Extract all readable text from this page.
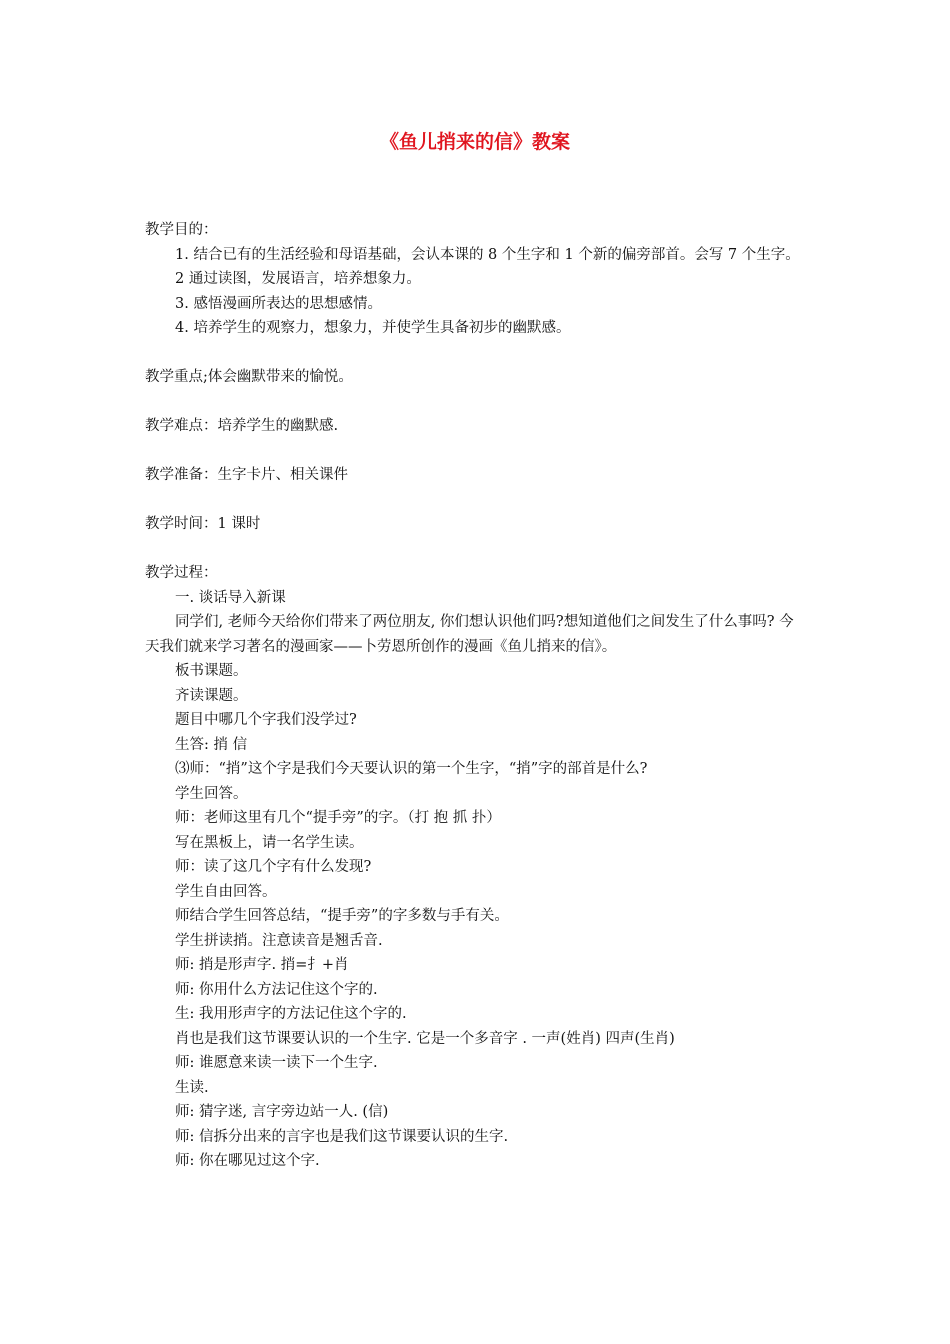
《鱼儿捎来的信》教案
教学目的：
1. 结合已有的生活经验和母语基础，会认本课的 8 个生字和 1 个新的偏旁部首。会写 7 个生字。
2 通过读图，发展语言，培养想象力。
3. 感悟漫画所表达的思想感情。
4. 培养学生的观察力，想象力，并使学生具备初步的幽默感。
教学重点;体会幽默带来的愉悦。
教学难点：培养学生的幽默感.
教学准备：生字卡片、相关课件
教学时间：1 课时
教学过程：
一. 谈话导入新课
同学们, 老师今天给你们带来了两位朋友, 你们想认识他们吗?想知道他们之间发生了什么事吗? 今天我们就来学习著名的漫画家——卜劳恩所创作的漫画《鱼儿捎来的信》。
板书课题。
齐读课题。
题目中哪几个字我们没学过?
生答: 捎 信
⑶师：“捎”这个字是我们今天要认识的第一个生字，“捎”字的部首是什么?
学生回答。
师：老师这里有几个“提手旁”的字。（打 抱 抓 扑）
写在黑板上，请一名学生读。
师：读了这几个字有什么发现?
学生自由回答。
师结合学生回答总结，“提手旁”的字多数与手有关。
学生拼读捎。注意读音是翘舌音.
师: 捎是形声字. 捎=扌+肖
师: 你用什么方法记住这个字的.
生: 我用形声字的方法记住这个字的.
肖也是我们这节课要认识的一个生字. 它是一个多音字 . 一声(姓肖) 四声(生肖)
师: 谁愿意来读一读下一个生字.
生读.
师: 猜字迷, 言字旁边站一人. (信)
师: 信拆分出来的言字也是我们这节课要认识的生字.
师: 你在哪见过这个字.
